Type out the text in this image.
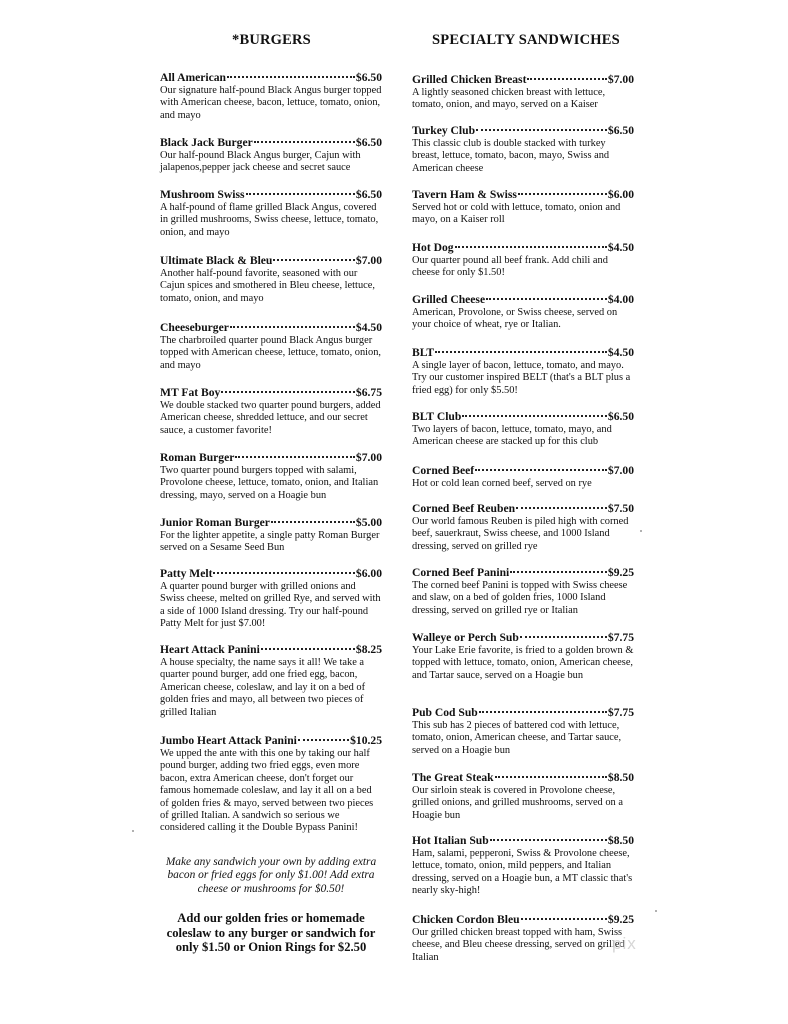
*BURGERS
All American	$6.50
Our signature half-pound Black Angus burger topped with American cheese, bacon, lettuce, tomato, onion, and mayo
Black Jack Burger	$6.50
Our half-pound Black Angus burger, Cajun with jalapenos,pepper jack cheese and secret sauce
Mushroom Swiss	$6.50
A half-pound of flame grilled Black Angus, covered in grilled mushrooms, Swiss cheese, lettuce, tomato, onion, and mayo
Ultimate Black & Bleu	$7.00
Another half-pound favorite, seasoned with our Cajun spices and smothered in Bleu cheese, lettuce, tomato, onion, and mayo
Cheeseburger	$4.50
The charbroiled quarter pound Black Angus burger topped with American cheese, lettuce, tomato, onion, and mayo
MT Fat Boy	$6.75
We double stacked two quarter pound burgers, added American cheese, shredded lettuce, and our secret sauce, a customer favorite!
Roman Burger	$7.00
Two quarter pound burgers topped with salami, Provolone cheese, lettuce, tomato, onion, and Italian dressing, mayo, served on a Hoagie bun
Junior Roman Burger	$5.00
For the lighter appetite, a single patty Roman Burger served on a Sesame Seed Bun
Patty Melt	$6.00
A quarter pound burger with grilled onions and Swiss cheese, melted on grilled Rye, and served with a side of 1000 Island dressing. Try our half-pound Patty Melt for just $7.00!
Heart Attack Panini	$8.25
A house specialty, the name says it all! We take a quarter pound burger, add one fried egg, bacon, American cheese, coleslaw, and lay it on a bed of golden fries and mayo, all between two pieces of grilled Italian
Jumbo Heart Attack Panini	$10.25
We upped the ante with this one by taking our half pound burger, adding two fried eggs, even more bacon, extra American cheese, don't forget our famous homemade coleslaw, and lay it all on a bed of golden fries & mayo, served between two pieces of grilled Italian. A sandwich so serious we considered calling it the Double Bypass Panini!
Make any sandwich your own by adding extra bacon or fried eggs for only $1.00! Add extra cheese or mushrooms for $0.50!
Add our golden fries or homemade coleslaw to any burger or sandwich for only $1.50 or Onion Rings for $2.50
SPECIALTY SANDWICHES
Grilled Chicken Breast	$7.00
A lightly seasoned chicken breast with lettuce, tomato, onion, and mayo, served on a Kaiser
Turkey Club	$6.50
This classic club is double stacked with turkey breast, lettuce, tomato, bacon, mayo, Swiss and American cheese
Tavern Ham & Swiss	$6.00
Served hot or cold with lettuce, tomato, onion and mayo, on a Kaiser roll
Hot Dog	$4.50
Our quarter pound all beef frank. Add chili and cheese for only $1.50!
Grilled Cheese	$4.00
American, Provolone, or Swiss cheese, served on your choice of wheat, rye or Italian.
BLT	$4.50
A single layer of bacon, lettuce, tomato, and mayo. Try our customer inspired BELT (that's a BLT plus a fried egg) for only $5.50!
BLT Club	$6.50
Two layers of bacon, lettuce, tomato, mayo, and American cheese are stacked up for this club
Corned Beef	$7.00
Hot or cold lean corned beef, served on rye
Corned Beef Reuben	$7.50
Our world famous Reuben is piled high with corned beef, sauerkraut, Swiss cheese, and 1000 Island dressing, served on grilled rye
Corned Beef Panini	$9.25
The corned beef Panini is topped with Swiss cheese and slaw, on a bed of golden fries, 1000 Island dressing, served on grilled rye or Italian
Walleye or Perch Sub	$7.75
Your Lake Erie favorite, is fried to a golden brown & topped with lettuce, tomato, onion, American cheese, and Tartar sauce, served on a Hoagie bun
Pub Cod Sub	$7.75
This sub has 2 pieces of battered cod with lettuce, tomato, onion, American cheese, and Tartar sauce, served on a Hoagie bun
The Great Steak	$8.50
Our sirloin steak is covered in Provolone cheese, grilled onions, and grilled mushrooms, served on a Hoagie bun
Hot Italian Sub	$8.50
Ham, salami, pepperoni, Swiss & Provolone cheese, lettuce, tomato, onion, mild peppers, and Italian dressing, served on a Hoagie bun, a MT classic that's nearly sky-high!
Chicken Cordon Bleu	$9.25
Our grilled chicken breast topped with ham, Swiss cheese, and Bleu cheese dressing, served on grilled Italian
pix
